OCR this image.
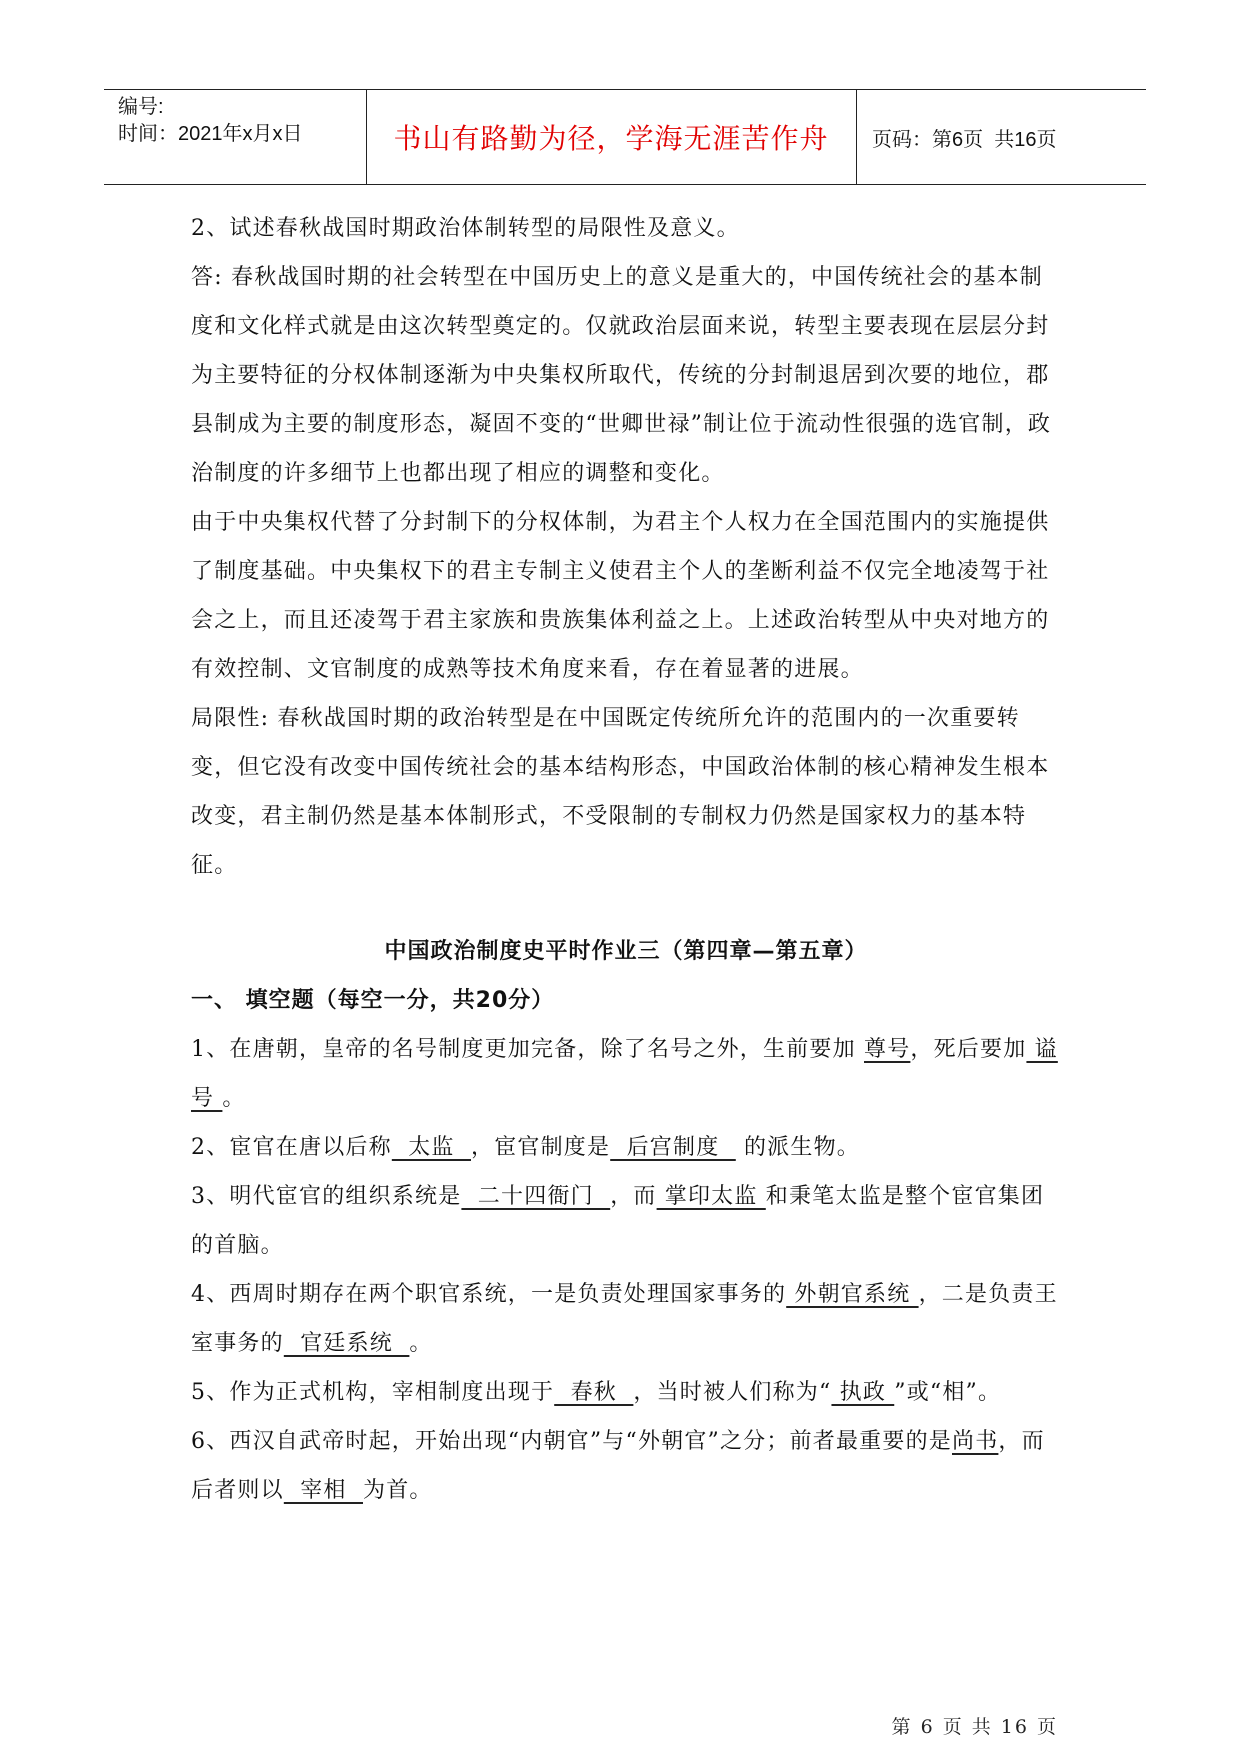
编号:
时间：2021年x月x日	书山有路勤为径，学海无涯苦作舟	页码：第6页  共16页

2、试述春秋战国时期政治体制转型的局限性及意义。

答: 春秋战国时期的社会转型在中国历史上的意义是重大的，中国传统社会的基本制度和文化样式就是由这次转型奠定的。仅就政治层面来说，转型主要表现在层层分封为主要特征的分权体制逐渐为中央集权所取代，传统的分封制退居到次要的地位，郡县制成为主要的制度形态，凝固不变的“世卿世禄”制让位于流动性很强的选官制，政治制度的许多细节上也都出现了相应的调整和变化。

由于中央集权代替了分封制下的分权体制，为君主个人权力在全国范围内的实施提供了制度基础。中央集权下的君主专制主义使君主个人的垄断利益不仅完全地凌驾于社会之上，而且还凌驾于君主家族和贵族集体利益之上。上述政治转型从中央对地方的有效控制、文官制度的成熟等技术角度来看，存在着显著的进展。

局限性: 春秋战国时期的政治转型是在中国既定传统所允许的范围内的一次重要转变，但它没有改变中国传统社会的基本结构形态，中国政治体制的核心精神发生根本改变，君主制仍然是基本体制形式，不受限制的专制权力仍然是国家权力的基本特征。

中国政治制度史平时作业三（第四章—第五章）

一、 填空题（每空一分，共20分）

1、在唐朝，皇帝的名号制度更加完备，除了名号之外，生前要加 尊号，死后要加 谥号 。

2、宦官在唐以后称  太监  ，宦官制度是  后宫制度   的派生物。

3、明代宦官的组织系统是  二十四衙门  ，而 掌印太监 和秉笔太监是整个宦官集团的首脑。

4、西周时期存在两个职官系统，一是负责处理国家事务的 外朝官系统 ，二是负责王室事务的  官廷系统  。

5、作为正式机构，宰相制度出现于  春秋  ，当时被人们称为“ 执政 ”或“相”。

6、西汉自武帝时起，开始出现“内朝官”与“外朝官”之分；前者最重要的是尚书，而后者则以  宰相  为首。

第 6 页 共 16 页
